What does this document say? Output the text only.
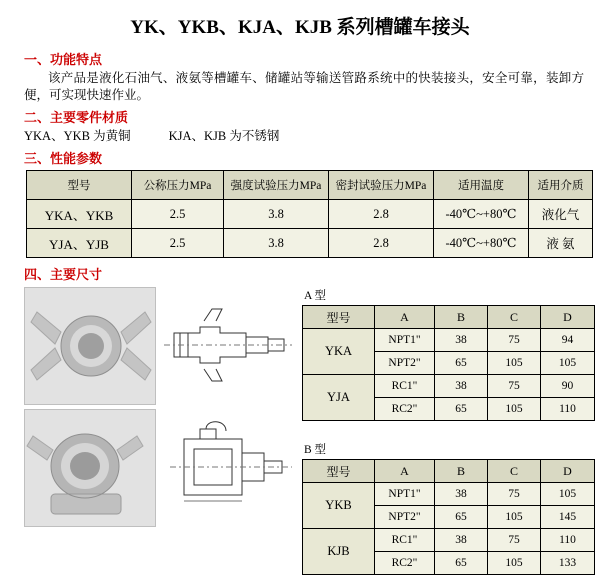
YK、YKB、KJA、KJB 系列槽罐车接头
一、功能特点
该产品是液化石油气、液氨等槽罐车、储罐站等输送管路系统中的快装接头，安全可靠，装卸方便，可实现快速作业。
二、主要零件材质
YKA、YKB 为黄铜	KJA、KJB 为不锈钢
三、性能参数
型号	公称压力MPa	强度试验压力MPa	密封试验压力MPa	适用温度	适用介质
YKA、YKB	2.5	3.8	2.8	-40℃~+80℃	液化气
YJA、YJB	2.5	3.8	2.8	-40℃~+80℃	液 氨
四、主要尺寸
A 型
型号	A	B	C	D
YKA	NPT1"	38	75	94
	NPT2"	65	105	105
YJA	RC1"	38	75	90
	RC2"	65	105	110
B 型
型号	A	B	C	D
YKB	NPT1"	38	75	105
	NPT2"	65	105	145
KJB	RC1"	38	75	110
	RC2"	65	105	133
